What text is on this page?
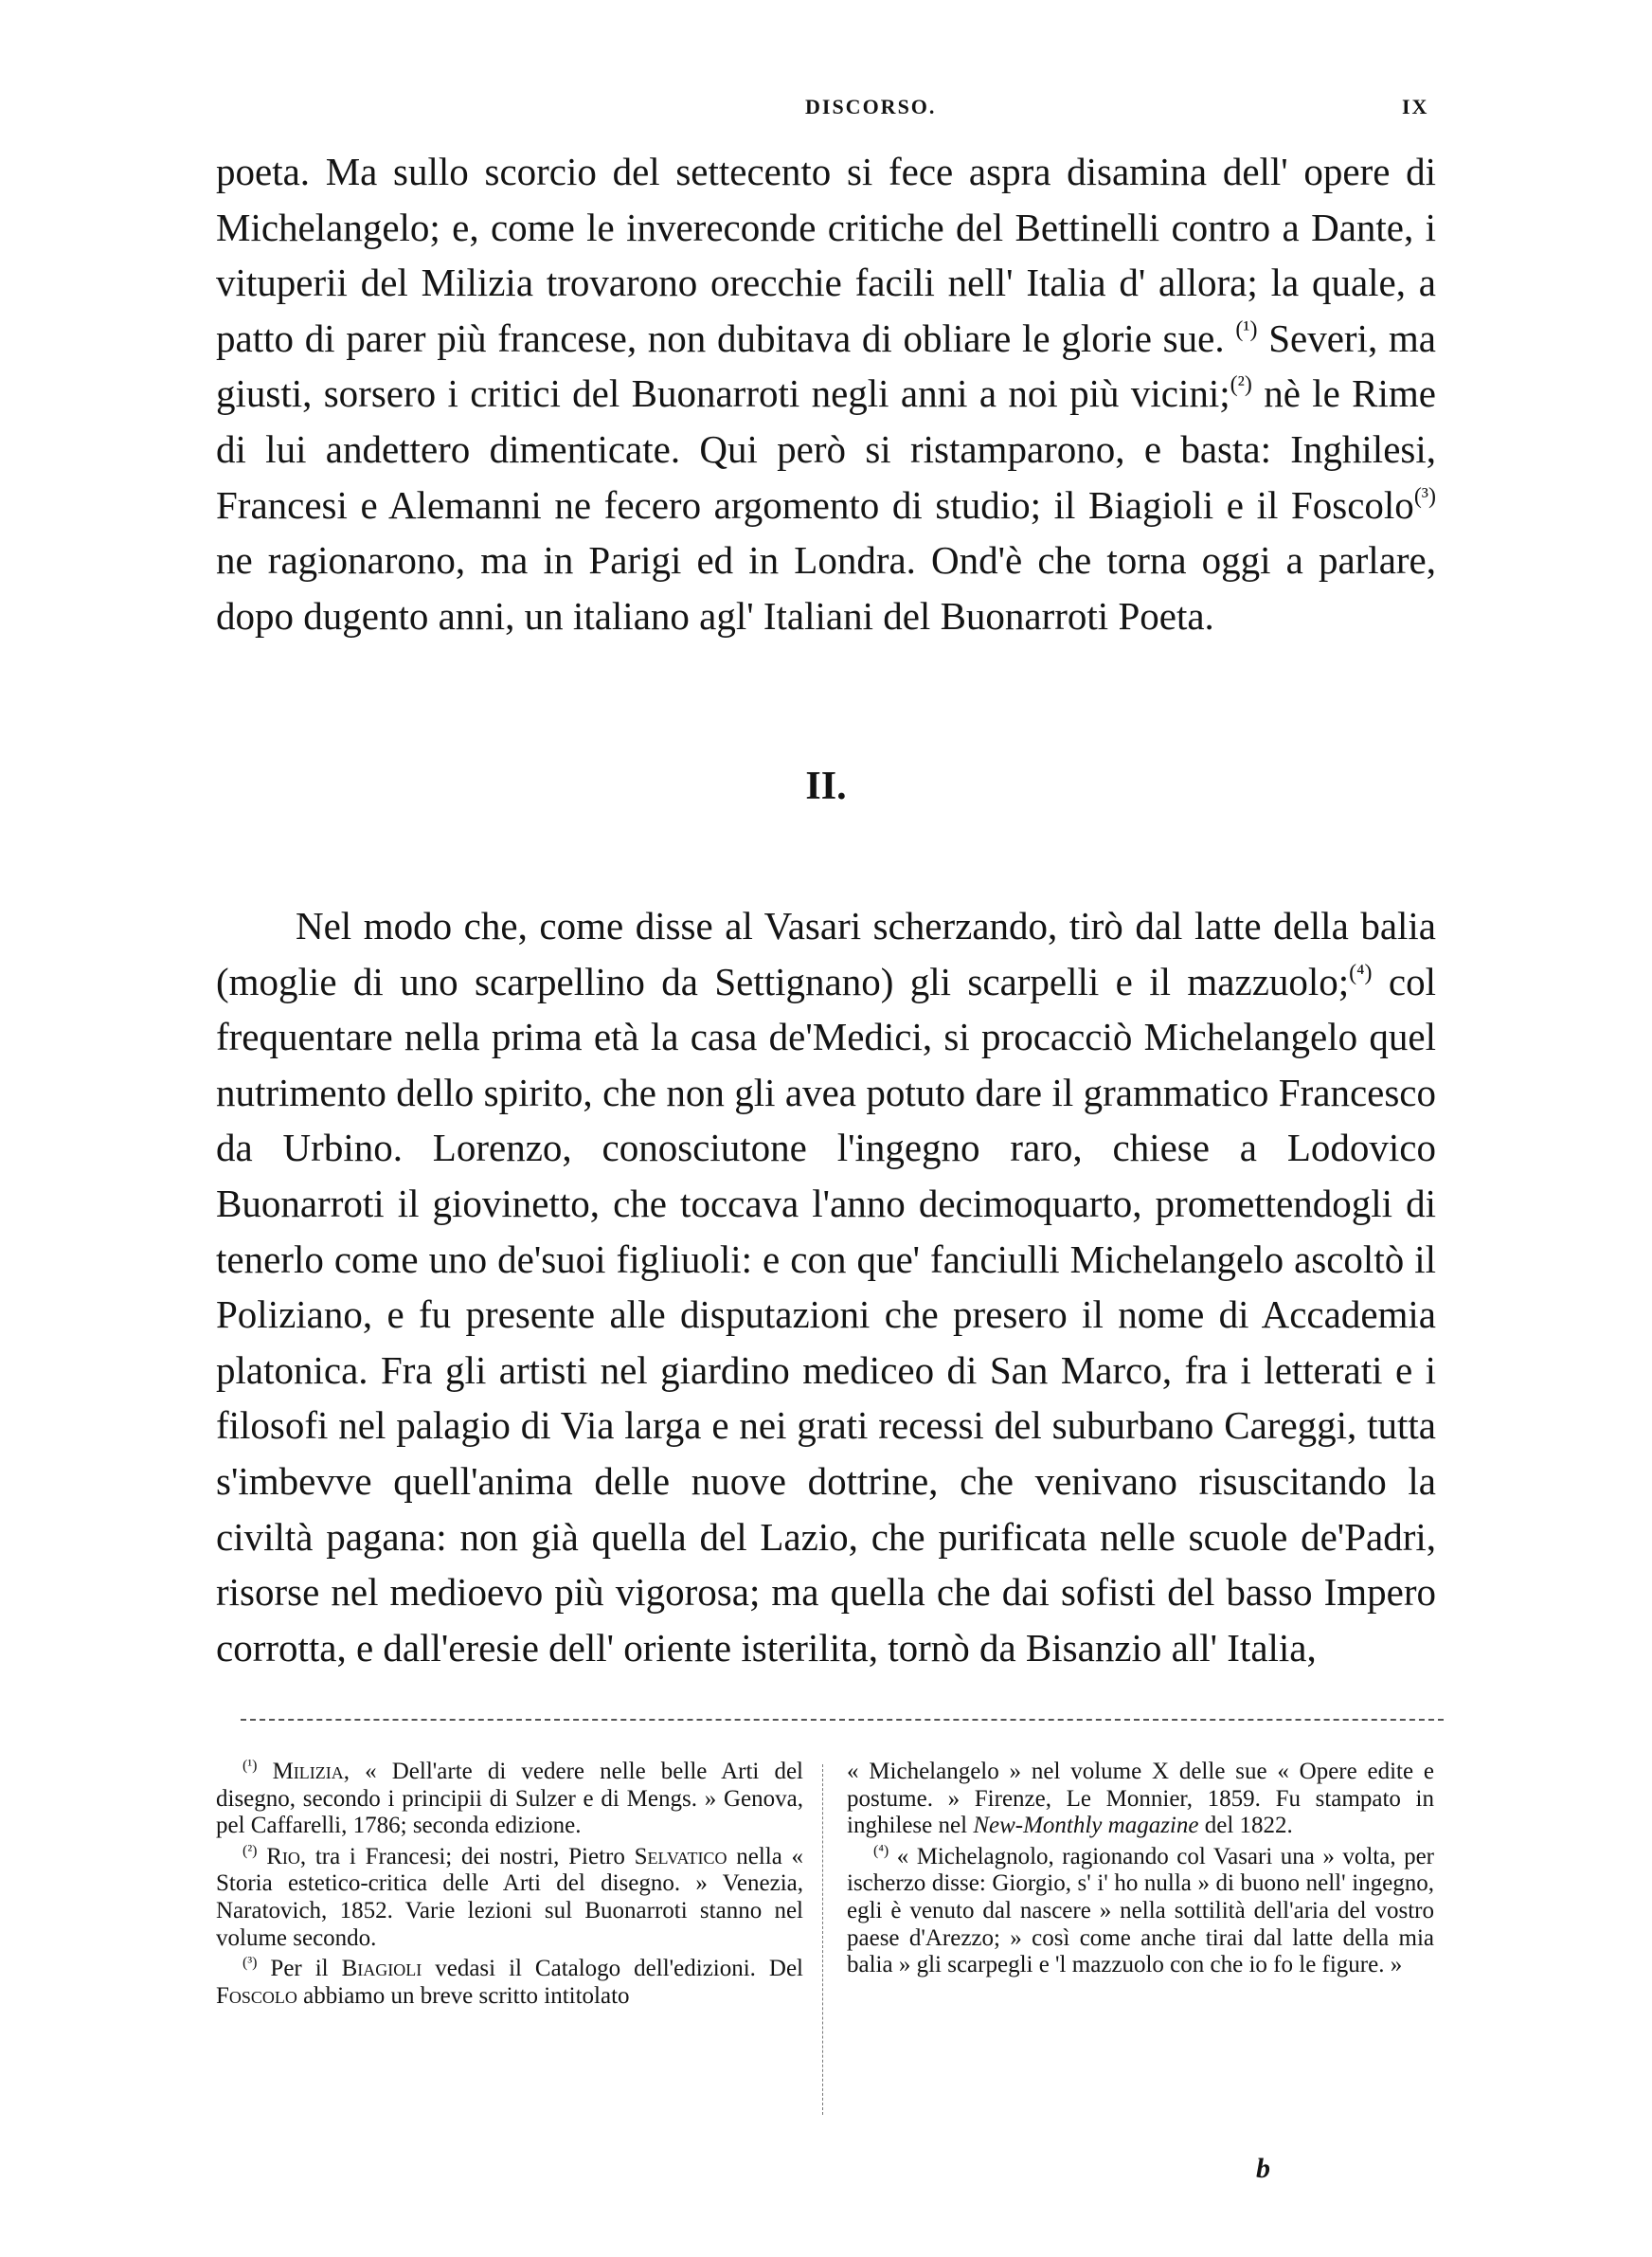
DISCORSO.	IX

poeta. Ma sullo scorcio del settecento si fece aspra disamina dell' opere di Michelangelo; e, come le invereconde critiche del Bettinelli contro a Dante, i vituperii del Milizia trovarono orecchie facili nell' Italia d' allora; la quale, a patto di parer più francese, non dubitava di obliare le glorie sue. $^{(^1)}$ Severi, ma giusti, sorsero i critici del Buonarroti negli anni a noi più vicini;$^{(^2)}$ nè le Rime di lui andettero dimenticate. Qui però si ristamparono, e basta: Inghilesi, Francesi e Alemanni ne fecero argomento di studio; il Biagioli e il Foscolo$^{(^3)}$ ne ragionarono, ma in Parigi ed in Londra. Ond'è che torna oggi a parlare, dopo dugento anni, un italiano agl' Italiani del Buonarroti Poeta.

II.

Nel modo che, come disse al Vasari scherzando, tirò dal latte della balia (moglie di uno scarpellino da Settignano) gli scarpelli e il mazzuolo;$^{(^4)}$ col frequentare nella prima età la casa de'Medici, si procacciò Michelangelo quel nutrimento dello spirito, che non gli avea potuto dare il grammatico Francesco da Urbino. Lorenzo, conosciutone l'ingegno raro, chiese a Lodovico Buonarroti il giovinetto, che toccava l'anno decimoquarto, promettendogli di tenerlo come uno de'suoi figliuoli: e con que' fanciulli Michelangelo ascoltò il Poliziano, e fu presente alle disputazioni che presero il nome di Accademia platonica. Fra gli artisti nel giardino mediceo di San Marco, fra i letterati e i filosofi nel palagio di Via larga e nei grati recessi del suburbano Careggi, tutta s'imbevve quell'anima delle nuove dottrine, che venivano risuscitando la civiltà pagana: non già quella del Lazio, che purificata nelle scuole de'Padri, risorse nel medioevo più vigorosa; ma quella che dai sofisti del basso Impero corrotta, e dall'eresie dell' oriente isterilita, tornò da Bisanzio all' Italia,

$^{(^1)}$ Milizia, « Dell'arte di vedere nelle belle Arti del disegno, secondo i principii di Sulzer e di Mengs. » Genova, pel Caffarelli, 1786; seconda edizione.

$^{(^2)}$ Rio, tra i Francesi; dei nostri, Pietro Selvatico nella « Storia estetico-critica delle Arti del disegno. » Venezia, Naratovich, 1852. Varie lezioni sul Buonarroti stanno nel volume secondo.

$^{(^3)}$ Per il Biagioli vedasi il Catalogo dell'edizioni. Del Foscolo abbiamo un breve scritto intitolato

« Michelangelo » nel volume X delle sue « Opere edite e postume. » Firenze, Le Monnier, 1859. Fu stampato in inghilese nel New-Monthly magazine del 1822.

$^{(^4)}$ « Michelagnolo, ragionando col Vasari una » volta, per ischerzo disse: Giorgio, s' i' ho nulla » di buono nell' ingegno, egli è venuto dal nascere » nella sottilità dell'aria del vostro paese d'Arezzo; » così come anche tirai dal latte della mia balia » gli scarpegli e 'l mazzuolo con che io fo le figure. »

b
